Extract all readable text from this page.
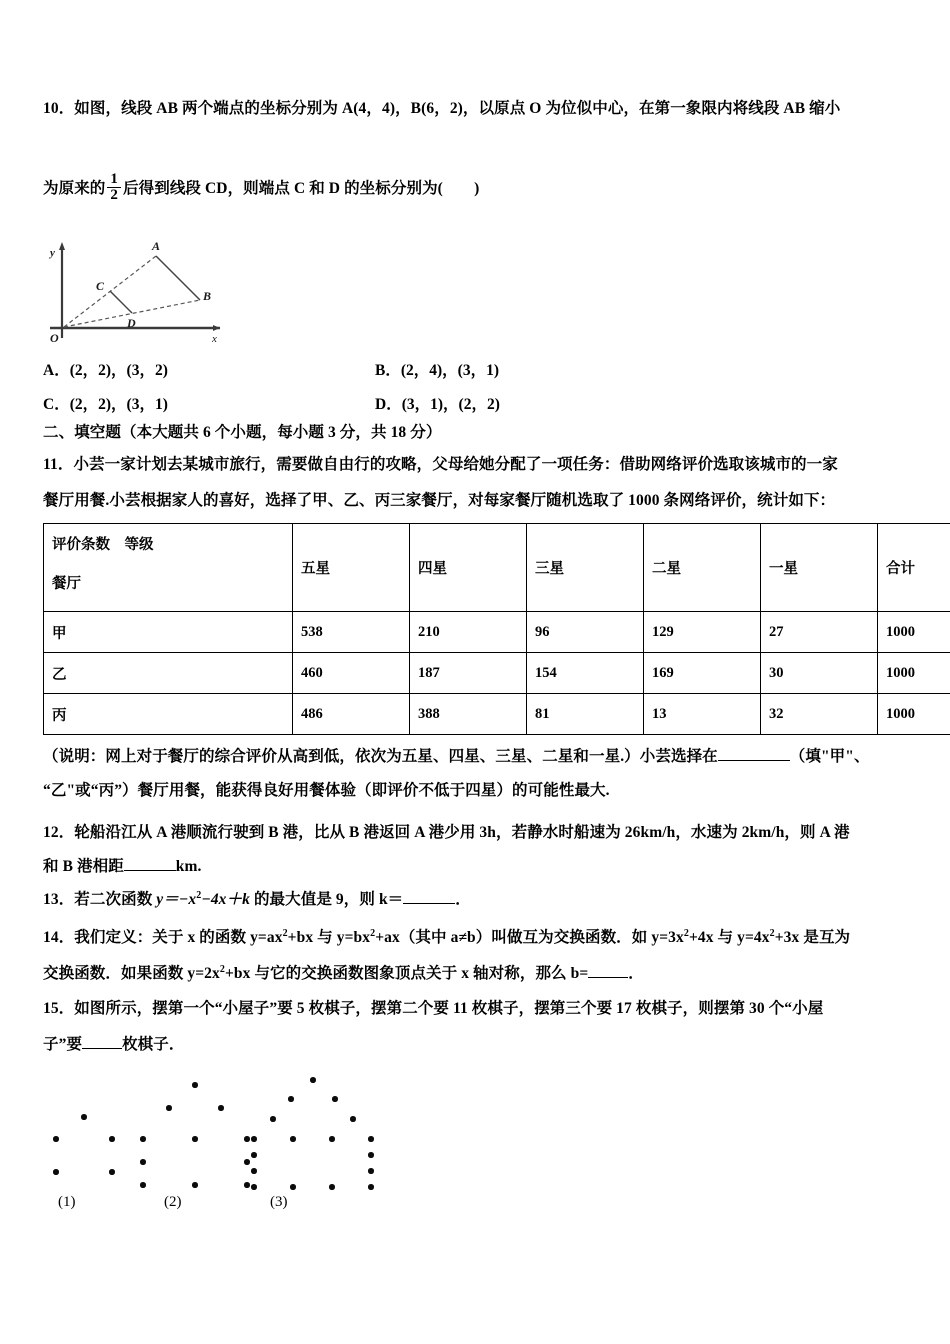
10．如图，线段 AB 两个端点的坐标分别为 A(4，4)，B(6，2)，以原点 O 为位似中心，在第一象限内将线段 AB 缩小
为原来的 $\frac{1}{2}$ 后得到线段 CD，则端点 C 和 D 的坐标分别为(　　)
A
B
C
D
O	x
y
A．(2，2)，(3，2)	B．(2，4)，(3，1)
C．(2，2)，(3，1)	D．(3，1)，(2，2)
二、填空题（本大题共 6 个小题，每小题 3 分，共 18 分）
11．小芸一家计划去某城市旅行，需要做自由行的攻略，父母给她分配了一项任务：借助网络评价选取该城市的一家
餐厅用餐.小芸根据家人的喜好，选择了甲、乙、丙三家餐厅，对每家餐厅随机选取了 1000 条网络评价，统计如下：
评价条数　等级
餐厅	五星	四星	三星	二星	一星	合计
甲	538	210	96	129	27	1000
乙	460	187	154	169	30	1000
丙	486	388	81	13	32	1000
（说明：网上对于餐厅的综合评价从高到低，依次为五星、四星、三星、二星和一星.）小芸选择在	（填"甲"、
“乙"或“丙”）餐厅用餐，能获得良好用餐体验（即评价不低于四星）的可能性最大.
12．轮船沿江从 A 港顺流行驶到 B 港，比从 B 港返回 A 港少用 3h，若静水时船速为 26km/h，水速为 2km/h，则 A 港
和 B 港相距	km.
13．若二次函数 $y=-x^2-4x+k$ 的最大值是 9，则 k＝	．
14．我们定义：关于 x 的函数 $y=ax^2+bx$ 与 $y=bx^2+ax$（其中 a≠b）叫做互为交换函数．如 $y=3x^2+4x$ 与 $y=4x^2+3x$ 是互为
交换函数．如果函数 $y=2x^2+bx$ 与它的交换函数图象顶点关于 x 轴对称，那么 b=	．
15．如图所示，摆第一个“小屋子”要 5 枚棋子，摆第二个要 11 枚棋子，摆第三个要 17 枚棋子，则摆第 30 个“小屋
子”要	枚棋子．
(1)	(2)	(3)
